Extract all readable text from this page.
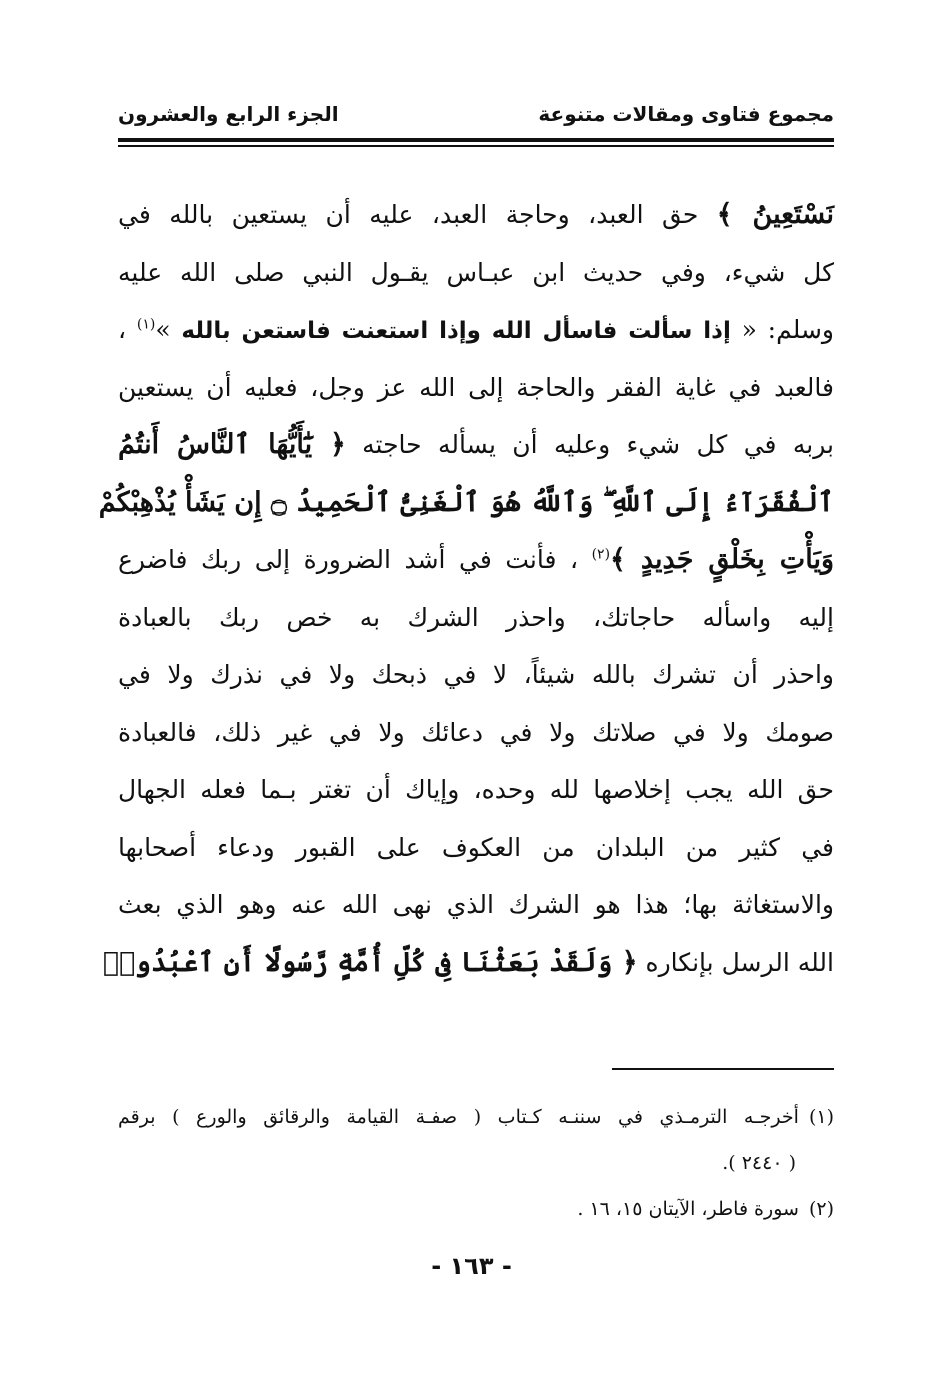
مجموع فتاوى ومقالات متنوعة
الجزء الرابع والعشرون
نَسْتَعِينُ ﴾ حق العبد، وحاجة العبد، عليه أن يستعين بالله في
كل شيء، وفي حديث ابن عبـاس يقـول النبي صلى الله عليه
وسلم: « إذا سألت فاسأل الله وإذا استعنت فاستعن بالله »$^{(١)}$ ،
فالعبد في غاية الفقر والحاجة إلى الله عز وجل، فعليه أن يستعين
بربه في كل شيء وعليه أن يسأله حاجته ﴿ يَٰٓأَيُّهَا ٱلنَّاسُ أَنتُمُ
ٱلْفُقَرَآءُ إِلَى ٱللَّهِ ۖ وَٱللَّهُ هُوَ ٱلْغَنِىُّ ٱلْحَمِيدُ ۝ إِن يَشَأْ يُذْهِبْكُمْ
وَيَأْتِ بِخَلْقٍ جَدِيدٍ ﴾$^{(٢)}$ ، فأنت في أشد الضرورة إلى ربك فاضرع
إليه واسأله حاجاتك، واحذر الشرك به خص ربك بالعبادة
واحذر أن تشرك بالله شيئاً، لا في ذبحك ولا في نذرك ولا في
صومك ولا في صلاتك ولا في دعائك ولا في غير ذلك، فالعبادة
حق الله يجب إخلاصها لله وحده، وإياك أن تغتر بـما فعله الجهال
في كثير من البلدان من العكوف على القبور ودعاء أصحابها
والاستغاثة بها؛ هذا هو الشرك الذي نهى الله عنه وهو الذي بعث
الله الرسل بإنكاره ﴿ وَلَقَدْ بَعَثْنَا فِى كُلِّ أُمَّةٍ رَّسُولًا أَنِ ٱعْبُدُوا۟
(١)أخرجـه الترمـذي في سننـه كـتاب ( صفـة القيامة والرقائق والورع ) برقم
( ٢٤٤٠ ).
(٢)سورة فاطر، الآيتان ١٥، ١٦ .
- ١٦٣ -
